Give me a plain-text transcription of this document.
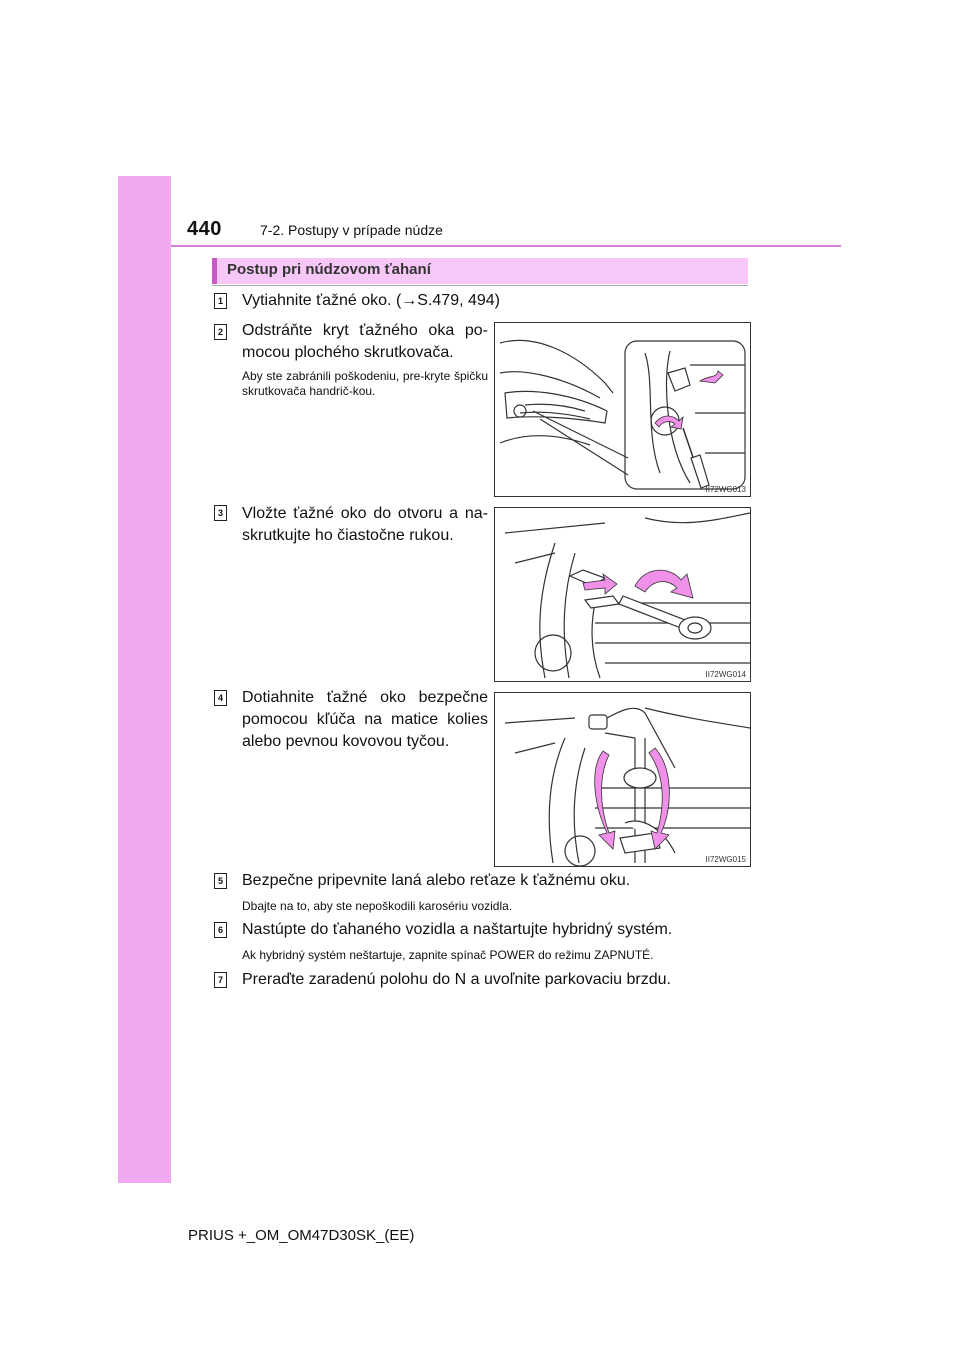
440	7-2. Postupy v prípade núdze
Postup pri núdzovom ťahaní
1 Vytiahnite ťažné oko. (→S.479, 494)
2 Odstráňte kryt ťažného oka po-mocou plochého skrutkovača.
Aby ste zabránili poškodeniu, pre-kryte špičku skrutkovača handrič-kou.
II72WG013
3 Vložte ťažné oko do otvoru a na-skrutkujte ho čiastočne rukou.
II72WG014
4 Dotiahnite ťažné oko bezpečne pomocou kľúča na matice kolies alebo pevnou kovovou tyčou.
II72WG015
5 Bezpečne pripevnite laná alebo reťaze k ťažnému oku.
Dbajte na to, aby ste nepoškodili karosériu vozidla.
6 Nastúpte do ťahaného vozidla a naštartujte hybridný systém.
Ak hybridný systém neštartuje, zapnite spínač POWER do režimu ZAPNUTÉ.
7 Preraďte zaradenú polohu do N a uvoľnite parkovaciu brzdu.
PRIUS +_OM_OM47D30SK_(EE)
